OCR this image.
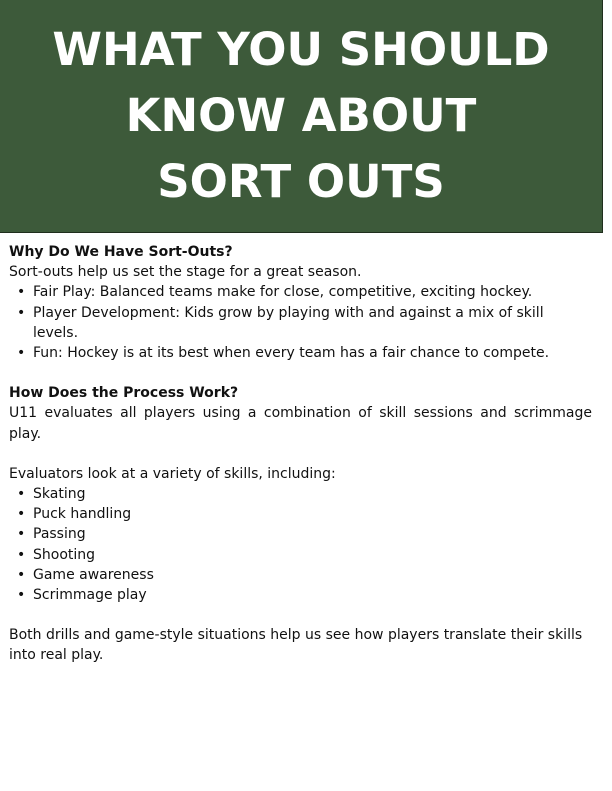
WHAT YOU SHOULD
KNOW ABOUT
SORT OUTS
Why Do We Have Sort-Outs?

Sort-outs help us set the stage for a great season.

• Fair Play: Balanced teams make for close, competitive, exciting hockey.
• Player Development: Kids grow by playing with and against a mix of skill levels.
• Fun: Hockey is at its best when every team has a fair chance to compete.
How Does the Process Work?

U11 evaluates all players using a combination of skill sessions and scrimmage play.

Evaluators look at a variety of skills, including:

• Skating
• Puck handling
• Passing
• Shooting
• Game awareness
• Scrimmage play

Both drills and game-style situations help us see how players translate their skills into real play.
